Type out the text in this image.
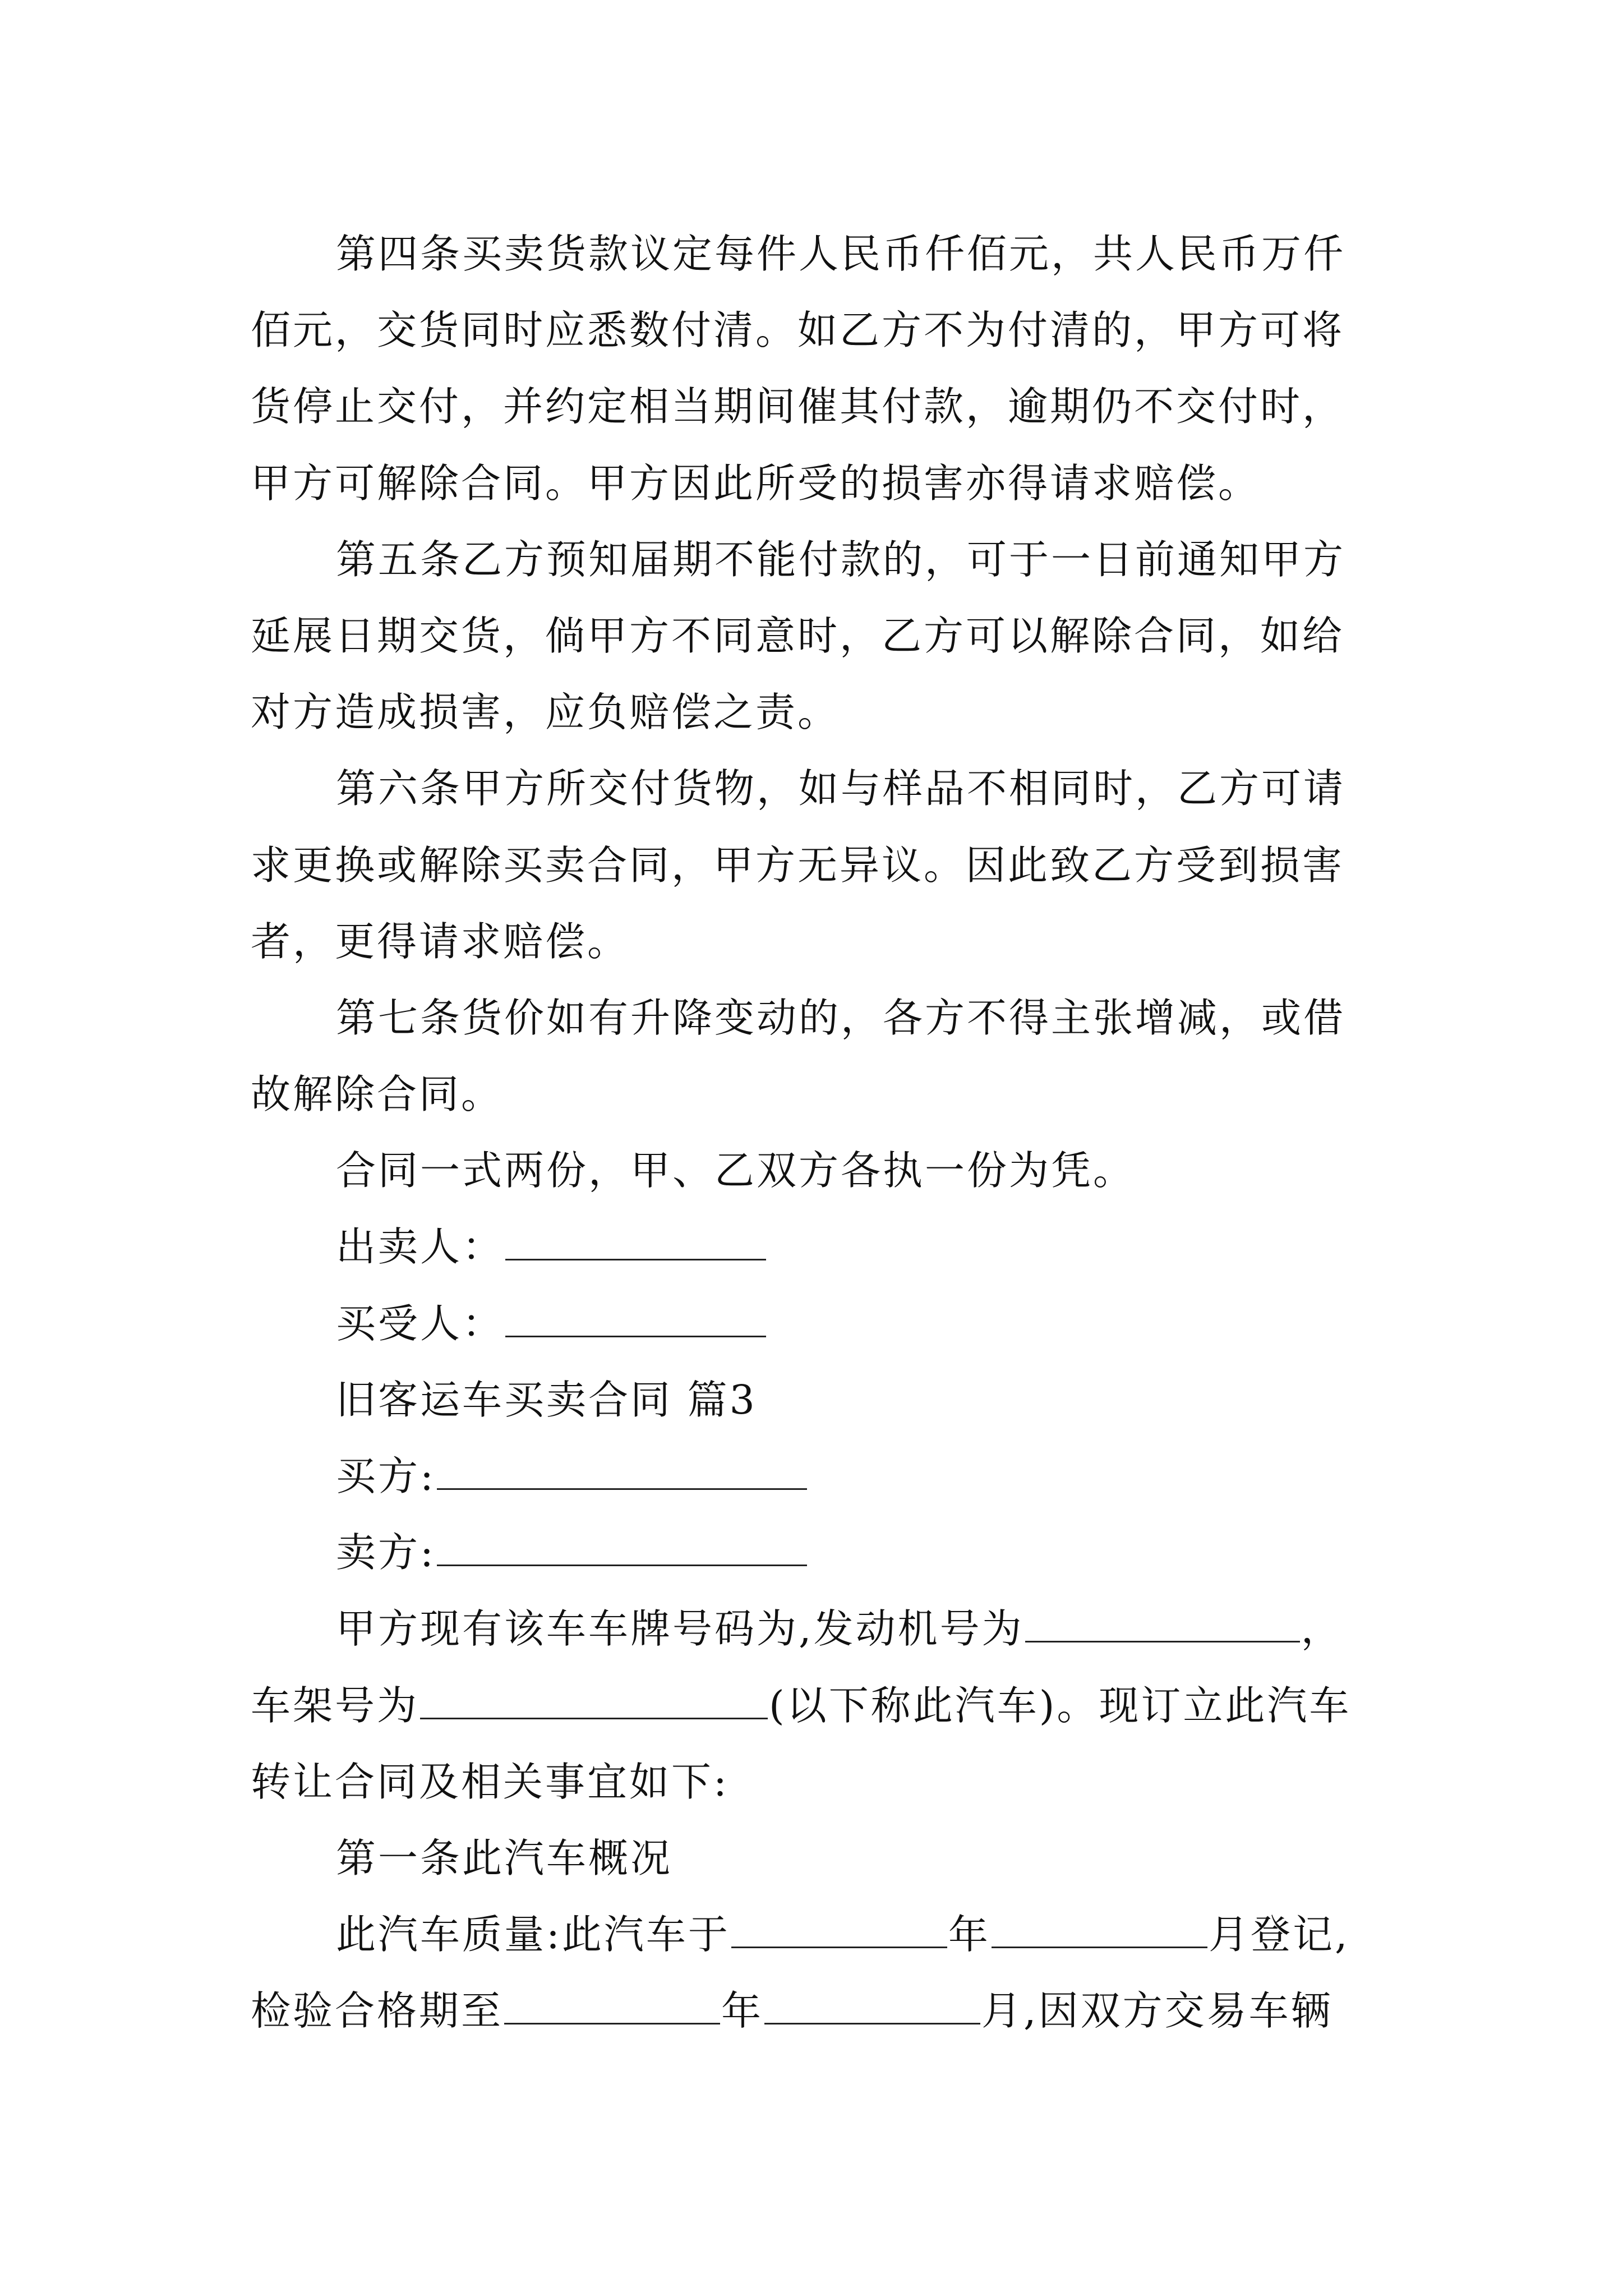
第四条买卖货款议定每件人民币仟佰元，共人民币万仟
佰元，交货同时应悉数付清。如乙方不为付清的，甲方可将
货停止交付，并约定相当期间催其付款，逾期仍不交付时，
甲方可解除合同。甲方因此所受的损害亦得请求赔偿。
第五条乙方预知届期不能付款的，可于一日前通知甲方
延展日期交货，倘甲方不同意时，乙方可以解除合同，如给
对方造成损害，应负赔偿之责。
第六条甲方所交付货物，如与样品不相同时，乙方可请
求更换或解除买卖合同，甲方无异议。因此致乙方受到损害
者，更得请求赔偿。
第七条货价如有升降变动的，各方不得主张增减，或借
故解除合同。
合同一式两份，甲、乙双方各执一份为凭。
出卖人：
买受人：
旧客运车买卖合同 篇3
买方:
卖方:
甲方现有该车车牌号码为,发动机号为	，
车架号为	(以下称此汽车)。现订立此汽车
转让合同及相关事宜如下:
第一条此汽车概况
此汽车质量:此汽车于	年	月登记,
检验合格期至	年	月,因双方交易车辆
